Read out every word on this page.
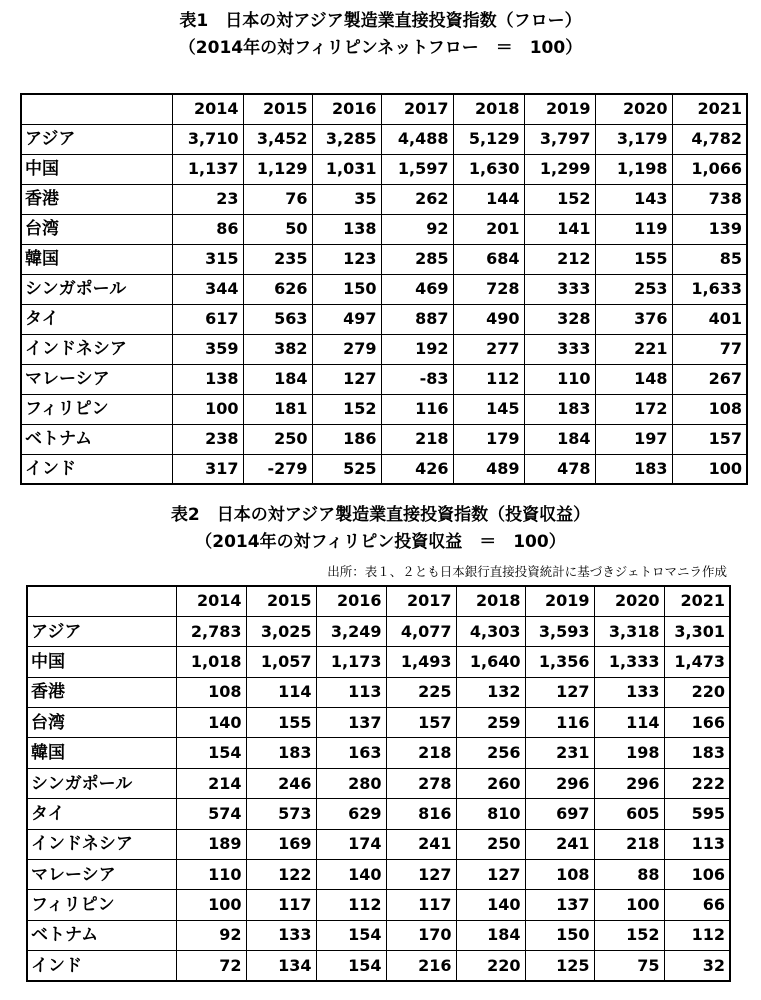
表1　日本の対アジア製造業直接投資指数（フロー）
（2014年の対フィリピンネットフロー　＝　100）
	2014	2015	2016	2017	2018	2019	2020	2021
アジア	3,710	3,452	3,285	4,488	5,129	3,797	3,179	4,782
中国	1,137	1,129	1,031	1,597	1,630	1,299	1,198	1,066
香港	23	76	35	262	144	152	143	738
台湾	86	50	138	92	201	141	119	139
韓国	315	235	123	285	684	212	155	85
シンガポール	344	626	150	469	728	333	253	1,633
タイ	617	563	497	887	490	328	376	401
インドネシア	359	382	279	192	277	333	221	77
マレーシア	138	184	127	-83	112	110	148	267
フィリピン	100	181	152	116	145	183	172	108
ベトナム	238	250	186	218	179	184	197	157
インド	317	-279	525	426	489	478	183	100
表2　日本の対アジア製造業直接投資指数（投資収益）
（2014年の対フィリピン投資収益　＝　100）
出所：表１、２とも日本銀行直接投資統計に基づきジェトロマニラ作成
	2014	2015	2016	2017	2018	2019	2020	2021
アジア	2,783	3,025	3,249	4,077	4,303	3,593	3,318	3,301
中国	1,018	1,057	1,173	1,493	1,640	1,356	1,333	1,473
香港	108	114	113	225	132	127	133	220
台湾	140	155	137	157	259	116	114	166
韓国	154	183	163	218	256	231	198	183
シンガポール	214	246	280	278	260	296	296	222
タイ	574	573	629	816	810	697	605	595
インドネシア	189	169	174	241	250	241	218	113
マレーシア	110	122	140	127	127	108	88	106
フィリピン	100	117	112	117	140	137	100	66
ベトナム	92	133	154	170	184	150	152	112
インド	72	134	154	216	220	125	75	32
